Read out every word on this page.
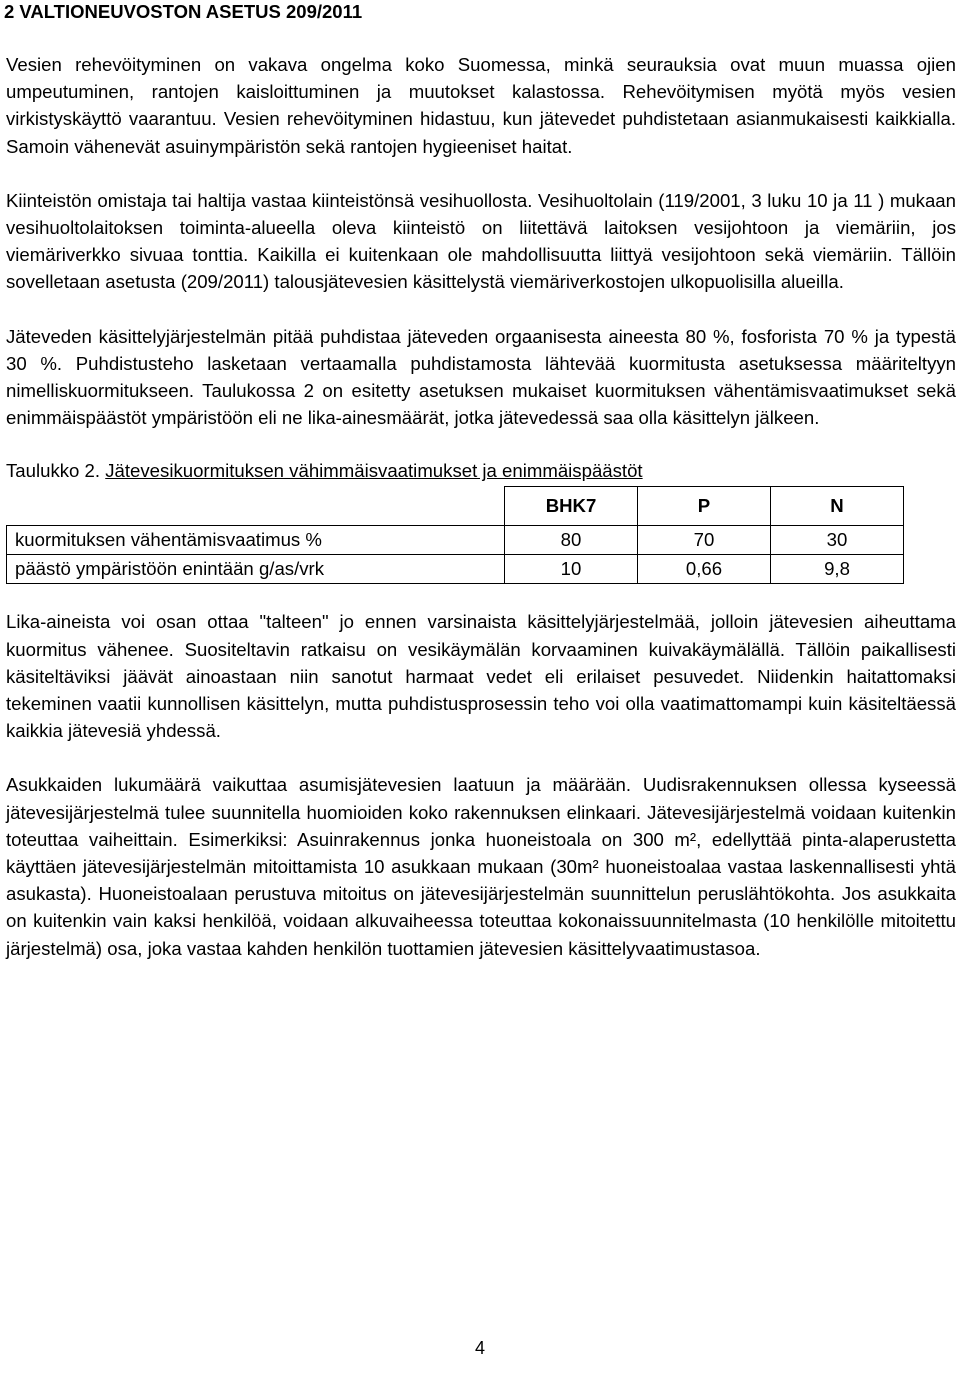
2 VALTIONEUVOSTON ASETUS 209/2011

Vesien rehevöityminen on vakava ongelma koko Suomessa, minkä seurauksia ovat muun muassa ojien umpeutuminen, rantojen kaisloittuminen ja muutokset kalastossa. Rehevöitymisen myötä myös vesien virkistyskäyttö vaarantuu. Vesien rehevöityminen hidastuu, kun jätevedet puhdistetaan asianmukaisesti kaikkialla. Samoin vähenevät asuinympäristön sekä rantojen hygieeniset haitat.

Kiinteistön omistaja tai haltija vastaa kiinteistönsä vesihuollosta. Vesihuoltolain (119/2001, 3 luku 10 ja 11 ) mukaan vesihuoltolaitoksen toiminta-alueella oleva kiinteistö on liitettävä laitoksen vesijohtoon ja viemäriin, jos viemäriverkko sivuaa tonttia. Kaikilla ei kuitenkaan ole mahdollisuutta liittyä vesijohtoon sekä viemäriin. Tällöin sovelletaan asetusta (209/2011) talousjätevesien käsittelystä viemäriverkostojen ulkopuolisilla alueilla.

Jäteveden käsittelyjärjestelmän pitää puhdistaa jäteveden orgaanisesta aineesta 80 %, fosforista 70 % ja typestä 30 %. Puhdistusteho lasketaan vertaamalla puhdistamosta lähtevää kuormitusta asetuksessa määriteltyyn nimelliskuormitukseen. Taulukossa 2 on esitetty asetuksen mukaiset kuormituksen vähentämisvaatimukset sekä enimmäispäästöt ympäristöön eli ne lika-ainesmäärät, jotka jätevedessä saa olla käsittelyn jälkeen.

Taulukko 2. Jätevesikuormituksen vähimmäisvaatimukset ja enimmäispäästöt
	BHK7	P	N
kuormituksen vähentämisvaatimus %	80	70	30
päästö ympäristöön enintään g/as/vrk	10	0,66	9,8

Lika-aineista voi osan ottaa "talteen" jo ennen varsinaista käsittelyjärjestelmää, jolloin jätevesien aiheuttama kuormitus vähenee. Suositeltavin ratkaisu on vesikäymälän korvaaminen kuivakäymälällä. Tällöin paikallisesti käsiteltäviksi jäävät ainoastaan niin sanotut harmaat vedet eli erilaiset pesuvedet. Niidenkin haitattomaksi tekeminen vaatii kunnollisen käsittelyn, mutta puhdistusprosessin teho voi olla vaatimattomampi kuin käsiteltäessä kaikkia jätevesiä yhdessä.

Asukkaiden lukumäärä vaikuttaa asumisjätevesien laatuun ja määrään. Uudisrakennuksen ollessa kyseessä jätevesijärjestelmä tulee suunnitella huomioiden koko rakennuksen elinkaari. Jätevesijärjestelmä voidaan kuitenkin toteuttaa vaiheittain. Esimerkiksi: Asuinrakennus jonka huoneistoala on 300 m², edellyttää pinta-alaperustetta käyttäen jätevesijärjestelmän mitoittamista 10 asukkaan mukaan (30m² huoneistoalaa vastaa laskennallisesti yhtä asukasta). Huoneistoalaan perustuva mitoitus on jätevesijärjestelmän suunnittelun peruslähtökohta. Jos asukkaita on kuitenkin vain kaksi henkilöä, voidaan alkuvaiheessa toteuttaa kokonaissuunnitelmasta (10 henkilölle mitoitettu järjestelmä) osa, joka vastaa kahden henkilön tuottamien jätevesien käsittelyvaatimustasoa.

4
